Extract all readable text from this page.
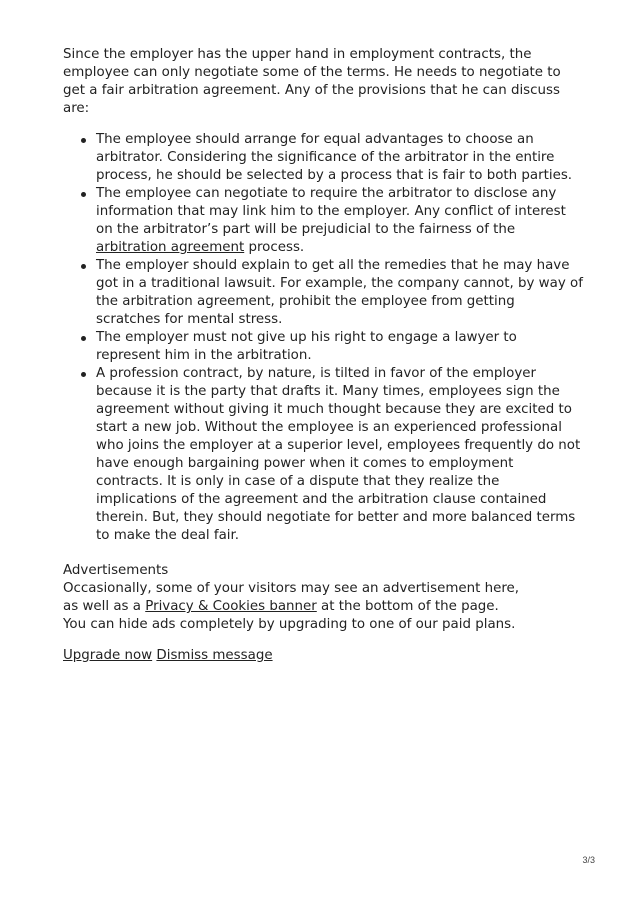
Since the employer has the upper hand in employment contracts, the employee can only negotiate some of the terms. He needs to negotiate to get a fair arbitration agreement. Any of the provisions that he can discuss are:

The employee should arrange for equal advantages to choose an arbitrator. Considering the significance of the arbitrator in the entire process, he should be selected by a process that is fair to both parties.
The employee can negotiate to require the arbitrator to disclose any information that may link him to the employer. Any conflict of interest on the arbitrator’s part will be prejudicial to the fairness of the arbitration agreement process.
The employer should explain to get all the remedies that he may have got in a traditional lawsuit. For example, the company cannot, by way of the arbitration agreement, prohibit the employee from getting scratches for mental stress.
The employer must not give up his right to engage a lawyer to represent him in the arbitration.
A profession contract, by nature, is tilted in favor of the employer because it is the party that drafts it. Many times, employees sign the agreement without giving it much thought because they are excited to start a new job. Without the employee is an experienced professional who joins the employer at a superior level, employees frequently do not have enough bargaining power when it comes to employment contracts. It is only in case of a dispute that they realize the implications of the agreement and the arbitration clause contained therein. But, they should negotiate for better and more balanced terms to make the deal fair.
Advertisements
Occasionally, some of your visitors may see an advertisement here,
as well as a Privacy & Cookies banner at the bottom of the page.
You can hide ads completely by upgrading to one of our paid plans.
Upgrade now Dismiss message
3/3
